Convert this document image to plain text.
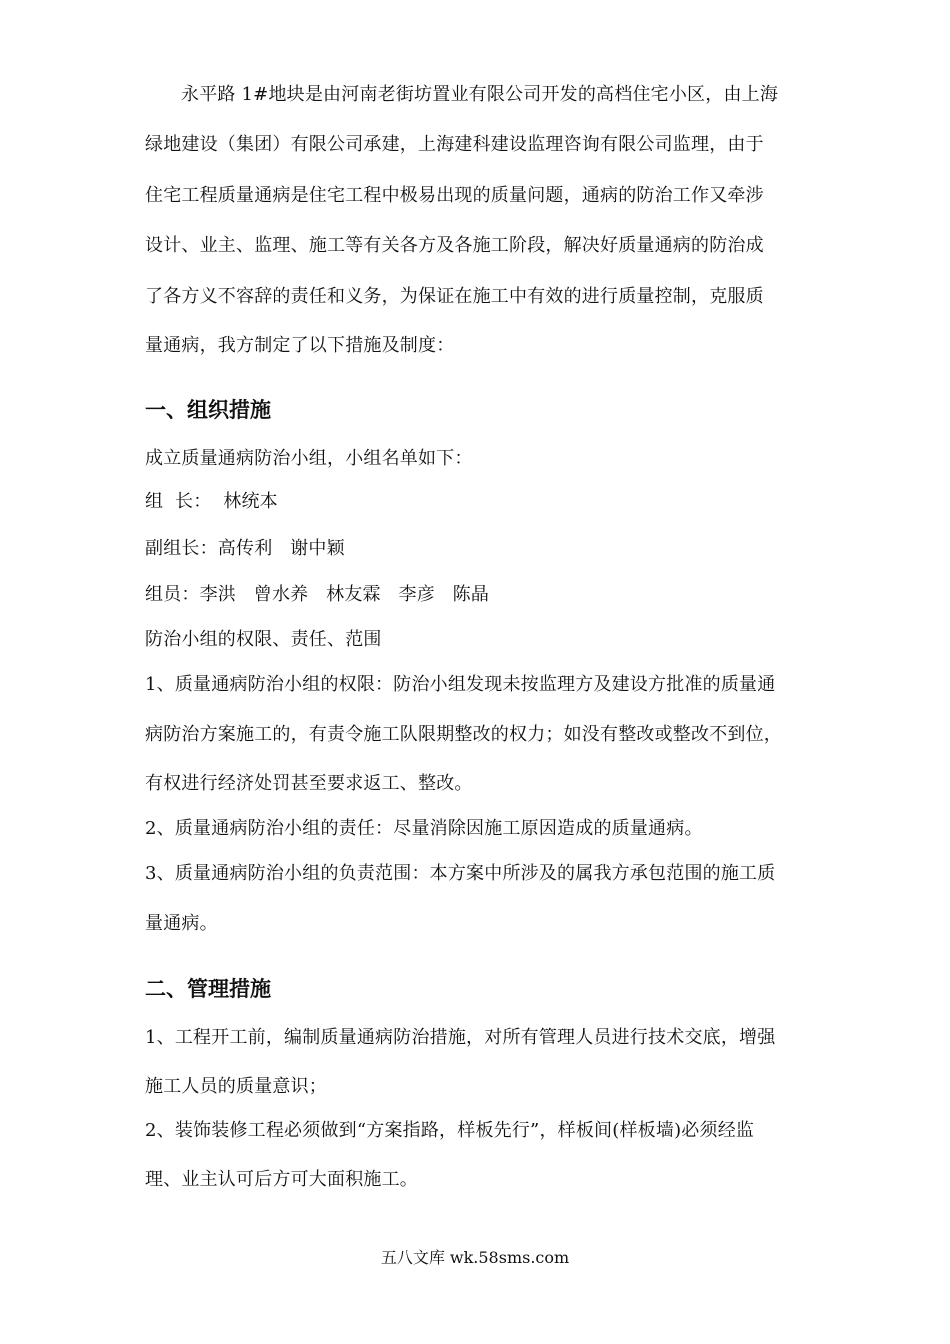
永平路 1#地块是由河南老街坊置业有限公司开发的高档住宅小区，由上海

绿地建设（集团）有限公司承建，上海建科建设监理咨询有限公司监理，由于

住宅工程质量通病是住宅工程中极易出现的质量问题，通病的防治工作又牵涉

设计、业主、监理、施工等有关各方及各施工阶段，解决好质量通病的防治成

了各方义不容辞的责任和义务，为保证在施工中有效的进行质量控制，克服质

量通病，我方制定了以下措施及制度：

一、组织措施

成立质量通病防治小组，小组名单如下：

组  长：  林统本

副组长：高传利   谢中颖

组员：李洪   曾水养   林友霖   李彦   陈晶

防治小组的权限、责任、范围

1、质量通病防治小组的权限：防治小组发现未按监理方及建设方批准的质量通

病防治方案施工的，有责令施工队限期整改的权力；如没有整改或整改不到位，

有权进行经济处罚甚至要求返工、整改。

2、质量通病防治小组的责任：尽量消除因施工原因造成的质量通病。

3、质量通病防治小组的负责范围：本方案中所涉及的属我方承包范围的施工质

量通病。

二、管理措施

1、工程开工前，编制质量通病防治措施，对所有管理人员进行技术交底，增强

施工人员的质量意识；

2、装饰装修工程必须做到“方案指路，样板先行”，样板间(样板墙)必须经监

理、业主认可后方可大面积施工。

五八文库 wk.58sms.com
